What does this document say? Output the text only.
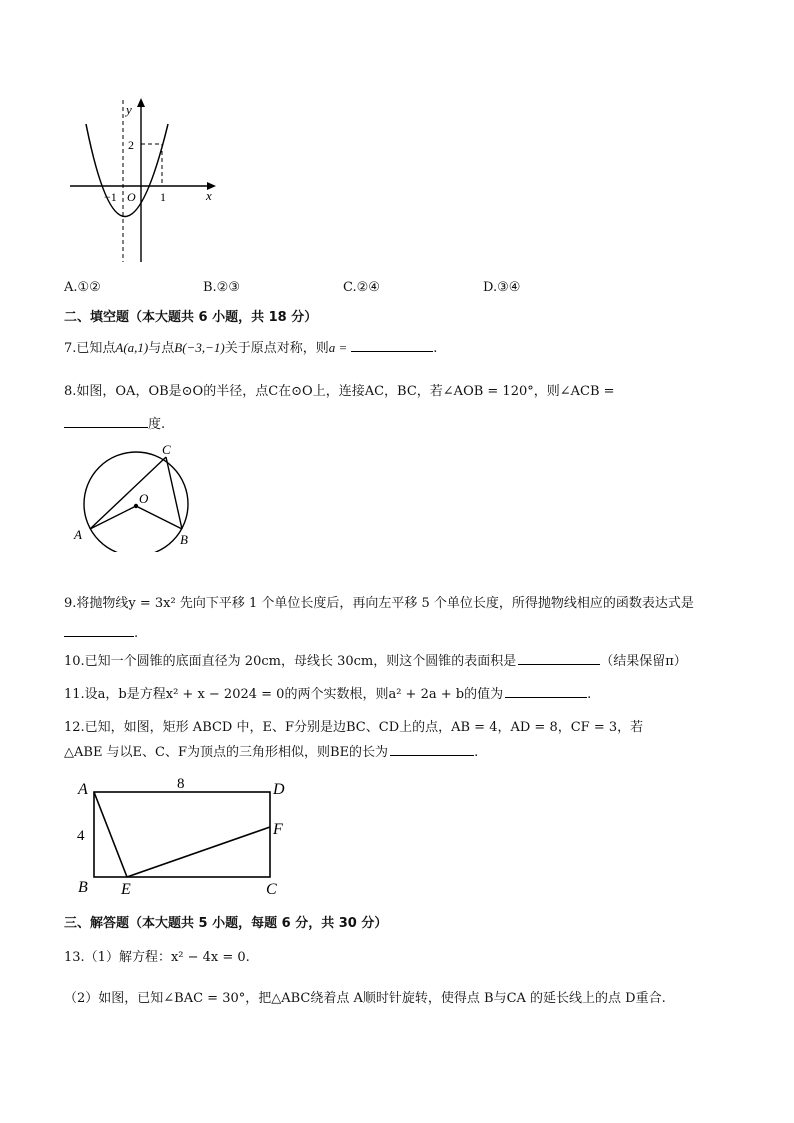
y
x
2
−1 O 1
A.①②	B.②③	C.②④	D.③④
二、填空题（本大题共 6 小题，共 18 分）
7.已知点A(a,1)与点B(−3,−1)关于原点对称，则a =	.
8.如图，OA，OB是⊙O的半径，点C在⊙O上，连接AC，BC，若∠AOB = 120°，则∠ACB =
度.
O
A	B
C
9.将抛物线y = 3x² 先向下平移 1 个单位长度后，再向左平移 5 个单位长度，所得抛物线相应的函数表达式是
.
10.已知一个圆锥的底面直径为 20cm，母线长 30cm，则这个圆锥的表面积是	（结果保留π）
11.设a，b是方程x² + x − 2024 = 0的两个实数根，则a² + 2a + b的值为	.
12.已知，如图，矩形 ABCD 中，E、F分别是边BC、CD上的点，AB = 4，AD = 8，CF = 3，若
△ABE 与以E、C、F为顶点的三角形相似，则BE的长为	.
A	D
B	C
E
F
8
4
三、解答题（本大题共 5 小题，每题 6 分，共 30 分）
13.（1）解方程：x² − 4x = 0.
（2）如图，已知∠BAC = 30°，把△ABC绕着点 A顺时针旋转，使得点 B与CA 的延长线上的点 D重合.
